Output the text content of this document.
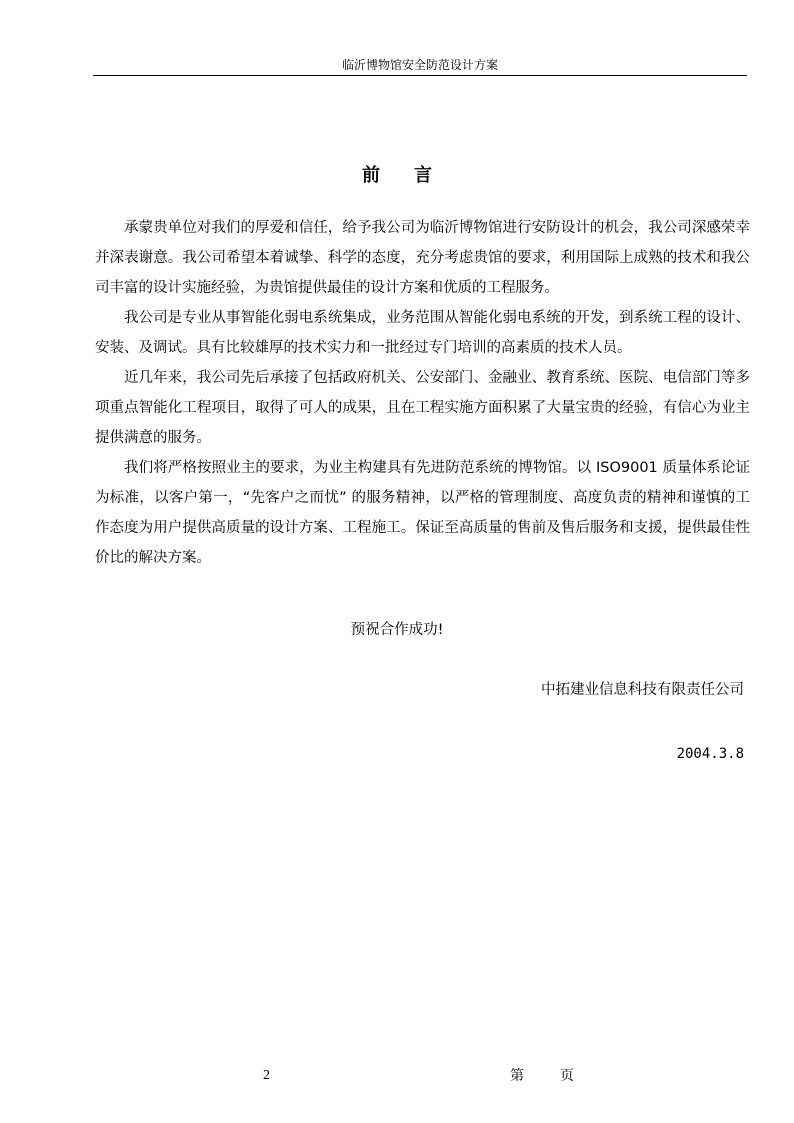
临沂博物馆安全防范设计方案
前言

承蒙贵单位对我们的厚爱和信任，给予我公司为临沂博物馆进行安防设计的机会，我公司深感荣幸并深表谢意。我公司希望本着诚挚、科学的态度，充分考虑贵馆的要求，利用国际上成熟的技术和我公司丰富的设计实施经验，为贵馆提供最佳的设计方案和优质的工程服务。

我公司是专业从事智能化弱电系统集成，业务范围从智能化弱电系统的开发，到系统工程的设计、安装、及调试。具有比较雄厚的技术实力和一批经过专门培训的高素质的技术人员。

近几年来，我公司先后承接了包括政府机关、公安部门、金融业、教育系统、医院、电信部门等多项重点智能化工程项目，取得了可人的成果，且在工程实施方面积累了大量宝贵的经验，有信心为业主提供满意的服务。

我们将严格按照业主的要求，为业主构建具有先进防范系统的博物馆。以 ISO9001 质量体系论证为标准，以客户第一，“先客户之而忧” 的服务精神，以严格的管理制度、高度负责的精神和谨慎的工作态度为用户提供高质量的设计方案、工程施工。保证至高质量的售前及售后服务和支援，提供最佳性价比的解决方案。

预祝合作成功!
中拓建业信息科技有限责任公司
2004.3.8
2	第	页
